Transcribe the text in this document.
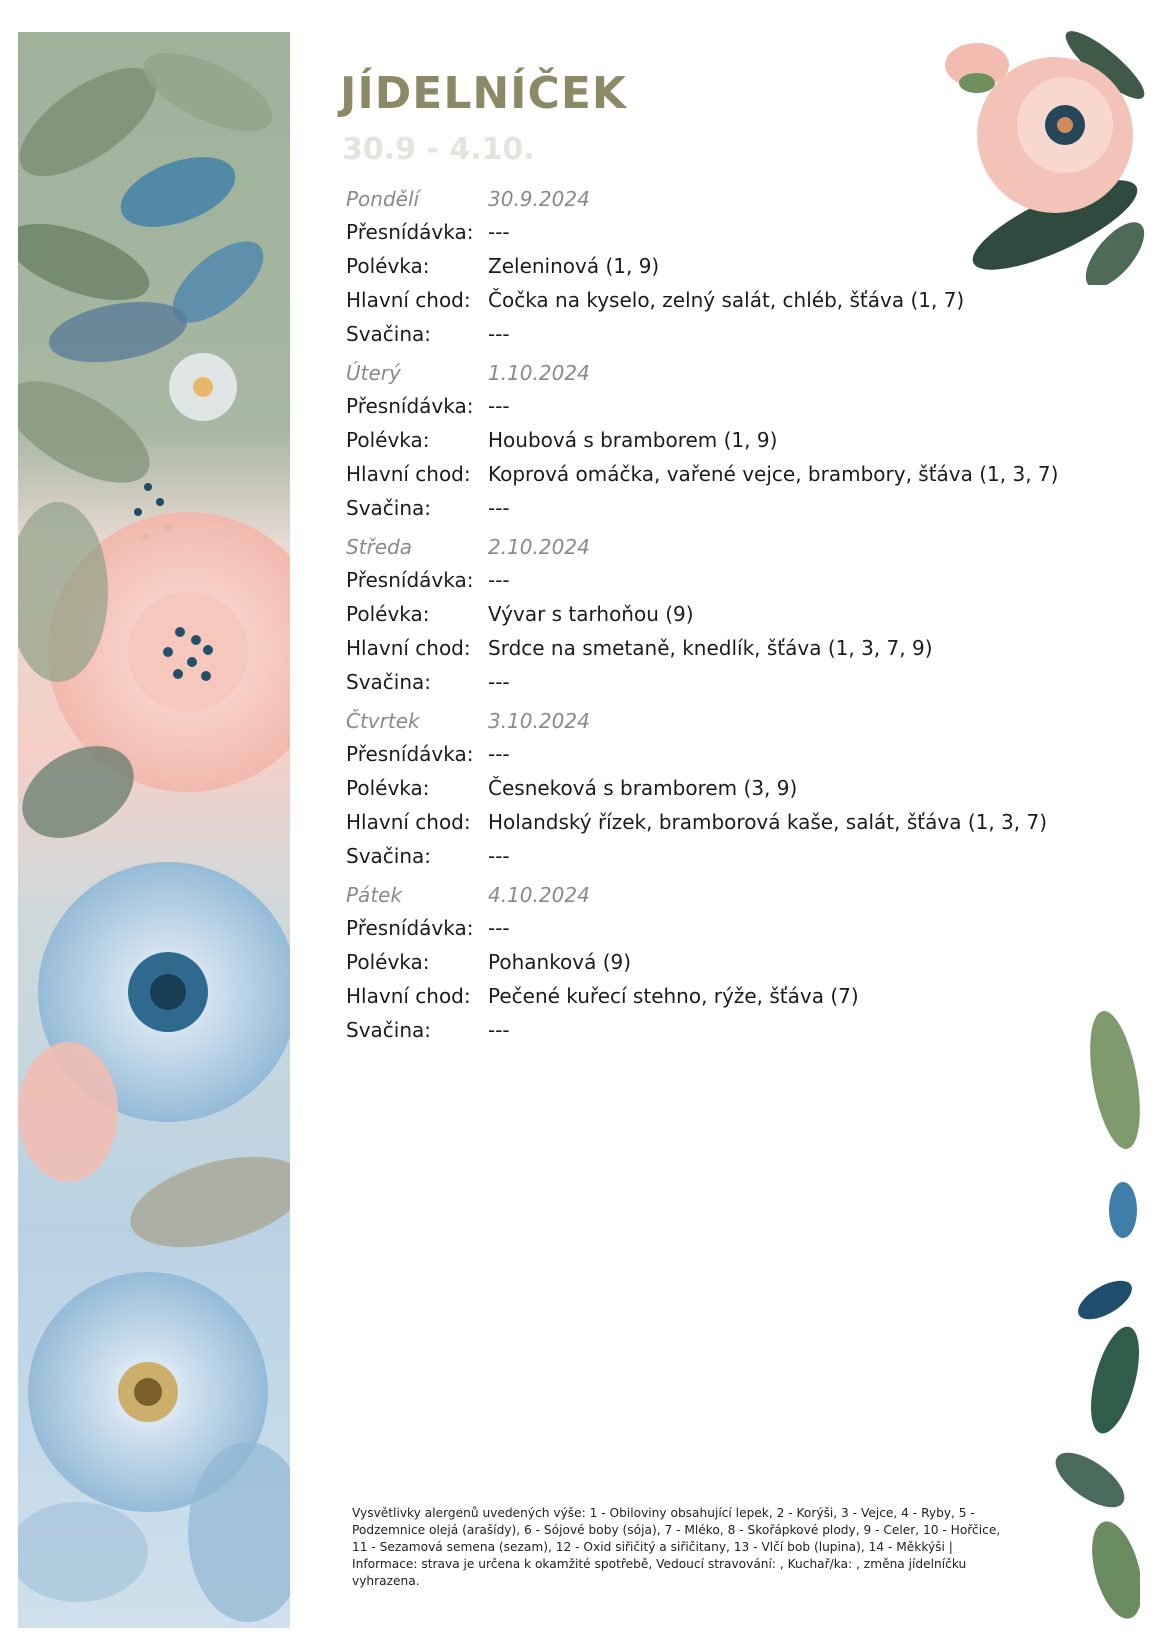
JÍDELNÍČEK
30.9 - 4.10.
Pondělí	30.9.2024
Přesnídávka: ---
Polévka:	Zeleninová (1, 9)
Hlavní chod: Čočka na kyselo, zelný salát, chléb, šťáva (1, 7)
Svačina:	---
Úterý	1.10.2024
Přesnídávka: ---
Polévka:	Houbová s bramborem (1, 9)
Hlavní chod: Koprová omáčka, vařené vejce, brambory, šťáva (1, 3, 7)
Svačina:	---
Středa	2.10.2024
Přesnídávka: ---
Polévka:	Vývar s tarhoňou (9)
Hlavní chod: Srdce na smetaně, knedlík, šťáva (1, 3, 7, 9)
Svačina:	---
Čtvrtek	3.10.2024
Přesnídávka: ---
Polévka:	Česneková s bramborem (3, 9)
Hlavní chod: Holandský řízek, bramborová kaše, salát, šťáva (1, 3, 7)
Svačina:	---
Pátek	4.10.2024
Přesnídávka: ---
Polévka:	Pohanková (9)
Hlavní chod: Pečené kuřecí stehno, rýže, šťáva (7)
Svačina:	---
Vysvětlivky alergenů uvedených výše: 1 - Obiloviny obsahující lepek, 2 - Korýši, 3 - Vejce, 4 - Ryby, 5 - Podzemnice olejá (arašídy), 6 - Sójové boby (sója), 7 - Mléko, 8 - Skořápkové plody, 9 - Celer, 10 - Hořčice, 11 - Sezamová semena (sezam), 12 - Oxid siřičitý a siřičitany, 13 - Vlčí bob (lupina), 14 - Měkkýši | Informace: strava je určena k okamžité spotřebě, Vedoucí stravování: , Kuchař/ka: , změna jídelníčku vyhrazena.
